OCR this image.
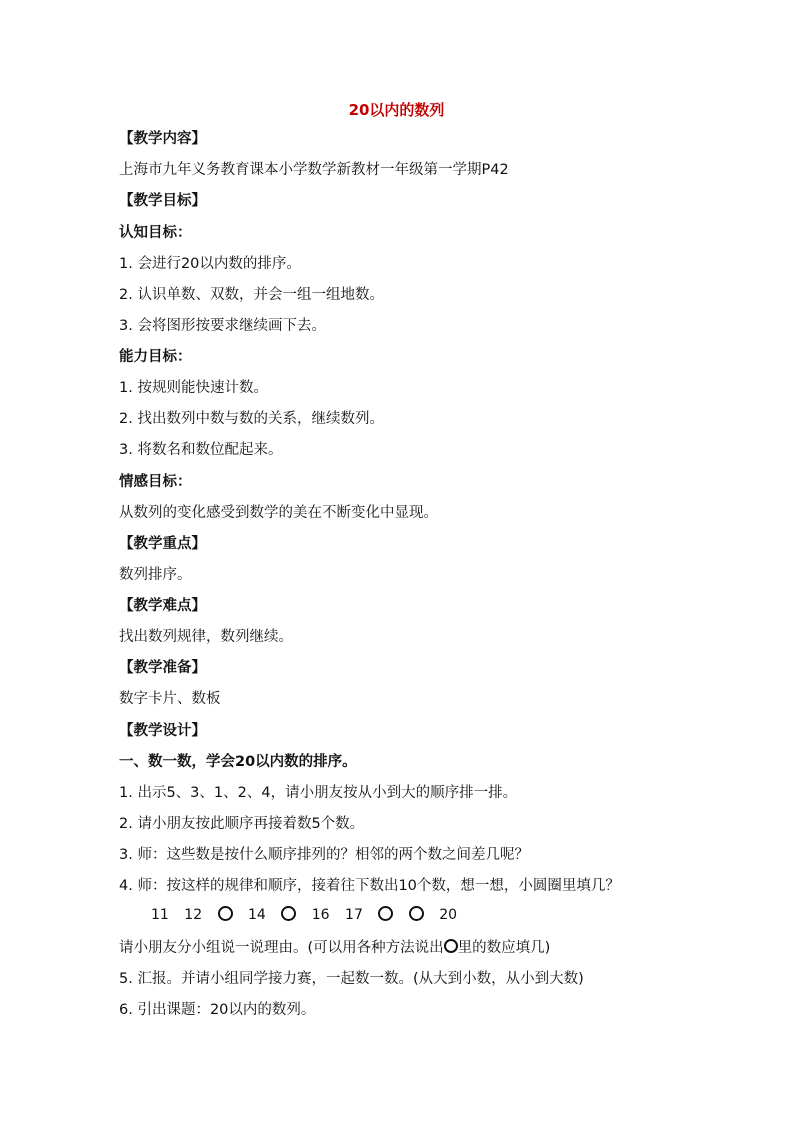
20以内的数列
【教学内容】
上海市九年义务教育课本小学数学新教材一年级第一学期P42
【教学目标】
认知目标：
1. 会进行20以内数的排序。
2. 认识单数、双数，并会一组一组地数。
3. 会将图形按要求继续画下去。
能力目标：
1. 按规则能快速计数。
2. 找出数列中数与数的关系，继续数列。
3. 将数名和数位配起来。
情感目标：
从数列的变化感受到数学的美在不断变化中显现。
【教学重点】
数列排序。
【教学难点】
找出数列规律，数列继续。
【教学准备】
数字卡片、数板
【教学设计】
一、数一数，学会20以内数的排序。
1. 出示5、3、1、2、4，请小朋友按从小到大的顺序排一排。
2. 请小朋友按此顺序再接着数5个数。
3. 师：这些数是按什么顺序排列的？相邻的两个数之间差几呢？
4. 师：按这样的规律和顺序，接着往下数出10个数，想一想，小圆圈里填几？
11 12	14	16 17	20
请小朋友分小组说一说理由。(可以用各种方法说出 里的数应填几)
5. 汇报。并请小组同学接力赛，一起数一数。(从大到小数，从小到大数)
6. 引出课题：20以内的数列。
